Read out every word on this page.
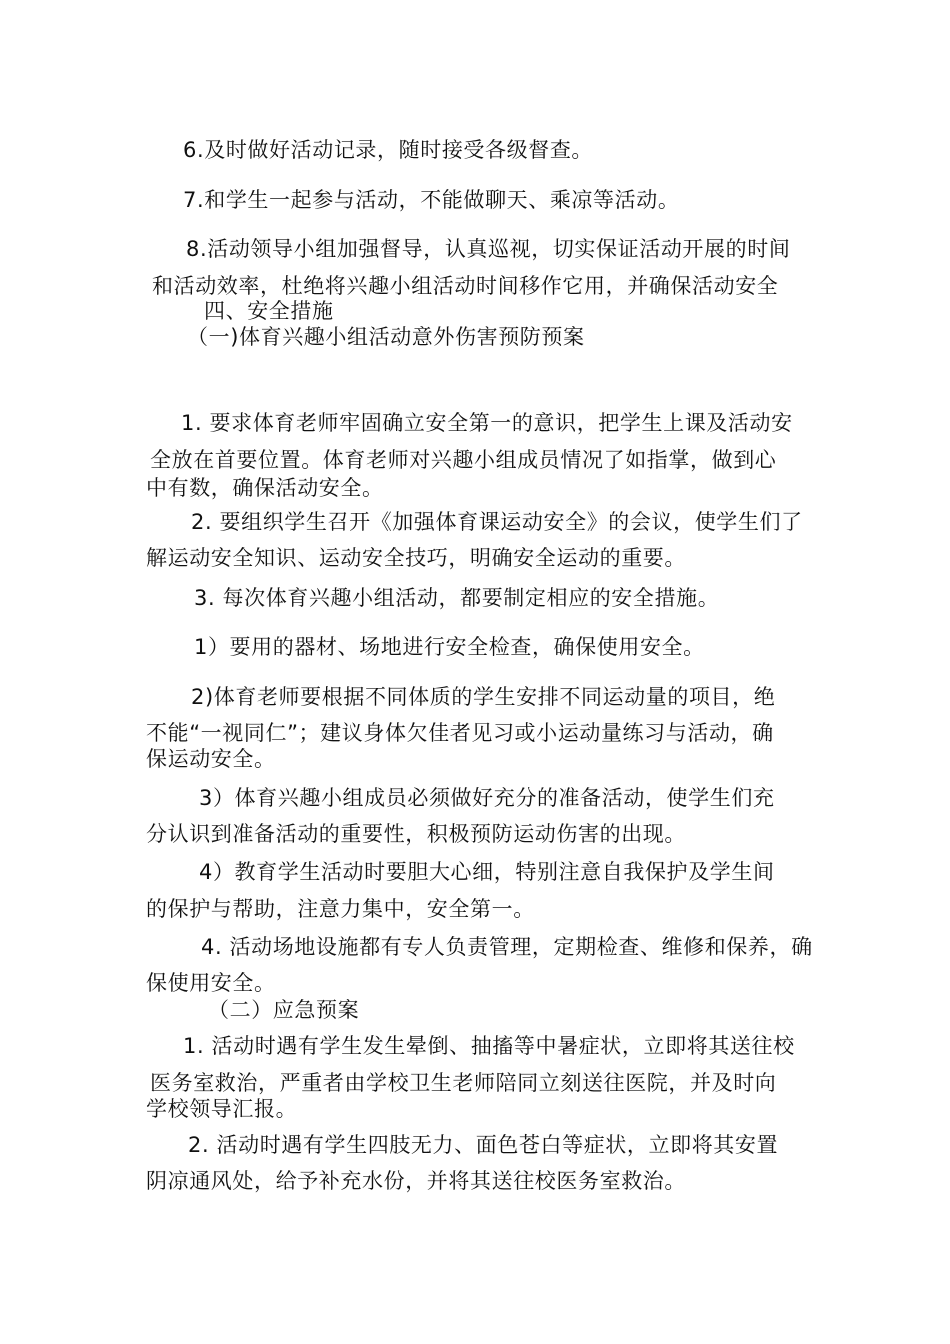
6.及时做好活动记录，随时接受各级督查。
7.和学生一起参与活动，不能做聊天、乘凉等活动。
8.活动领导小组加强督导，认真巡视，切实保证活动开展的时间
和活动效率，杜绝将兴趣小组活动时间移作它用，并确保活动安全
四、安全措施
（一)体育兴趣小组活动意外伤害预防预案
1. 要求体育老师牢固确立安全第一的意识，把学生上课及活动安
全放在首要位置。体育老师对兴趣小组成员情况了如指掌，做到心
中有数，确保活动安全。
2. 要组织学生召开《加强体育课运动安全》的会议，使学生们了
解运动安全知识、运动安全技巧，明确安全运动的重要。
3. 每次体育兴趣小组活动，都要制定相应的安全措施。
1）要用的器材、场地进行安全检查，确保使用安全。
2)体育老师要根据不同体质的学生安排不同运动量的项目，绝
不能“一视同仁”；建议身体欠佳者见习或小运动量练习与活动，确
保运动安全。
3）体育兴趣小组成员必须做好充分的准备活动，使学生们充
分认识到准备活动的重要性，积极预防运动伤害的出现。
4）教育学生活动时要胆大心细，特别注意自我保护及学生间
的保护与帮助，注意力集中，安全第一。
4. 活动场地设施都有专人负责管理，定期检查、维修和保养，确
保使用安全。
（二）应急预案
1. 活动时遇有学生发生晕倒、抽搐等中暑症状，立即将其送往校
医务室救治，严重者由学校卫生老师陪同立刻送往医院，并及时向
学校领导汇报。
2. 活动时遇有学生四肢无力、面色苍白等症状，立即将其安置
阴凉通风处，给予补充水份，并将其送往校医务室救治。
